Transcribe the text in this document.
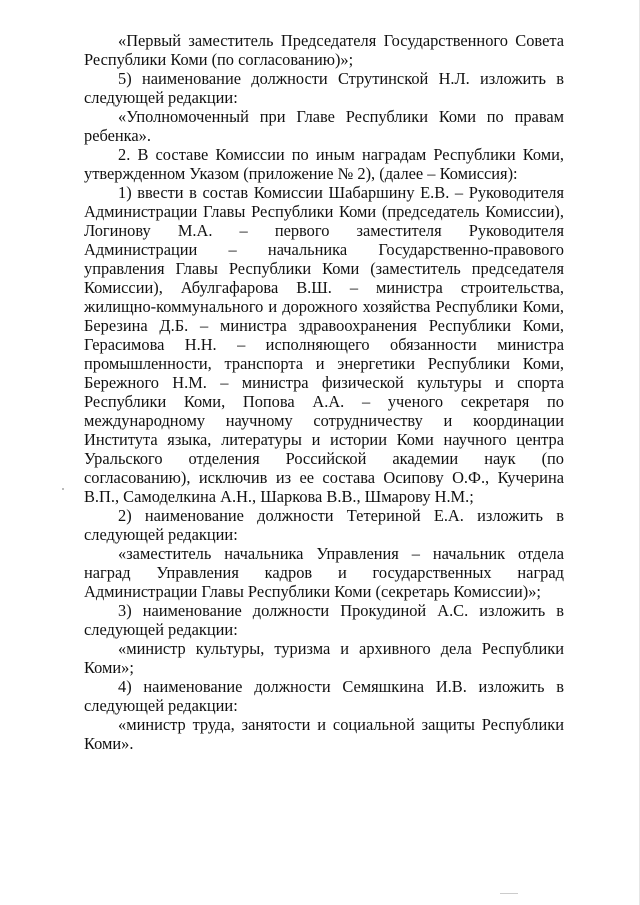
«Первый заместитель Председателя Государственного Совета Республики Коми (по согласованию)»;

5) наименование должности Струтинской Н.Л. изложить в следующей редакции:

«Уполномоченный при Главе Республики Коми по правам ребенка».

2. В составе Комиссии по иным наградам Республики Коми, утвержденном Указом (приложение № 2), (далее – Комиссия):

1) ввести в состав Комиссии Шабаршину Е.В. – Руководителя Администрации Главы Республики Коми (председатель Комиссии), Логинову М.А. – первого заместителя Руководителя Администрации – начальника Государственно-правового управления Главы Республики Коми (заместитель председателя Комиссии), Абулгафарова В.Ш. – министра строительства, жилищно-коммунального и дорожного хозяйства Республики Коми, Березина Д.Б. – министра здравоохранения Республики Коми, Герасимова Н.Н. – исполняющего обязанности министра промышленности, транспорта и энергетики Республики Коми, Бережного Н.М. – министра физической культуры и спорта Республики Коми, Попова А.А. – ученого секретаря по международному научному сотрудничеству и координации Института языка, литературы и истории Коми научного центра Уральского отделения Российской академии наук (по согласованию), исключив из ее состава Осипову О.Ф., Кучерина В.П., Самоделкина А.Н., Шаркова В.В., Шмарову Н.М.;

2) наименование должности Тетериной Е.А. изложить в следующей редакции:

«заместитель начальника Управления – начальник отдела наград Управления кадров и государственных наград Администрации Главы Республики Коми (секретарь Комиссии)»;

3) наименование должности Прокудиной А.С. изложить в следующей редакции:

«министр культуры, туризма и архивного дела Республики Коми»;

4) наименование должности Семяшкина И.В. изложить в следующей редакции:

«министр труда, занятости и социальной защиты Республики Коми».
